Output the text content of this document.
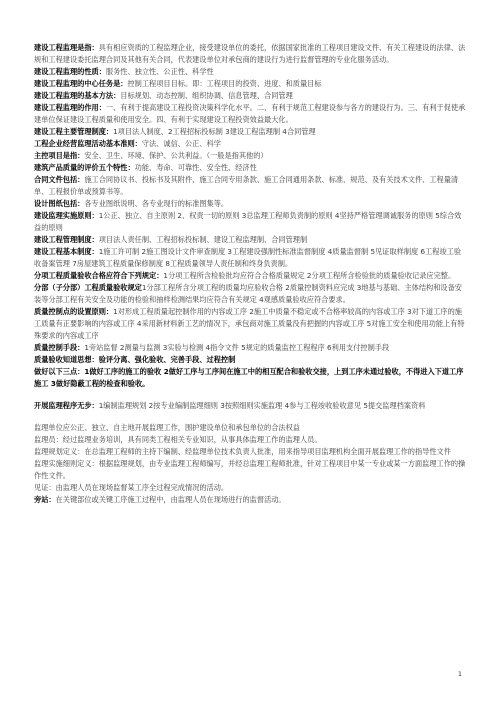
建设工程监理是指：具有相应资质的工程监理企业，接受建设单位的委托，依据国家批准的工程项目建设文件、有关工程建设的法律、法规和工程建设委托监理合同及其他有关合同，代表建设单位对承包商的建设行为进行监督管理的专业化服务活动。

建设工程监理的性质：服务性、独立性、公正性、科学性

建设工程监理的中心任务是：控制工程项目目标。即：工程项目的投资、进度、和质量目标

建设工程监理的基本方法：目标规划、动态控制、组织协调、信息管理、合同管理

建设工程监理的作用：一、有利于提高建设工程投资决策科学化水平。二、有利于规范工程建设参与各方的建设行为。三、有利于促使承建单位保证建设工程质量和使用安全。四、有利于实现建设工程投资效益最大化。

建设工程主要管理制度：1项目法人制度、2工程招标投标制 3建设工程监理制 4合同管理

工程企业经营监理活动基本准则：守法、诚信、公正、科学

主控项目是指：安全、卫生、环境、保护、公共利益。（一般是指其他的）

建筑产品质量的评价五个特性：功能、寿命、可靠性、安全性、经济性

合同文件包括：施工合同协议书、投标书及其附件、施工合同专用条款、施工合同通用条款、标准、规范、及有关技术文件、工程量清单、工程报价单或预算书等。

设计图纸包括：各专业图纸说明、各专业现行的标准图集等。

建设监理实施原则：1公正、独立、自主原则 2、权责一切的原则 3总监理工程师负责制的原则 4坚持严格管理调诚服务的原则 5综合效益的原则

建设工程管理制度：项目法人责任制、工程招标投标制、建设工程监理制、合同管理制

建设工程基本制度：1施工许可制 2施工图设计文件审查制度 3工程建设强制性标准监督制度 4质量监督制 5见证取样制度 6工程竣工验收备案管理 7房屋建筑工程质量保修制度 8工程质量领导人责任制和终身负责制。

分项工程质量验收合格应符合下列规定：1分项工程所含检验批均应符合合格质量规定 2分项工程所含检验批的质量验收记录应完整。

分部（子分部）工程质量验收规定1分部工程所含分项工程的质量均应验收合格 2质量控制资料应完成 3地基与基础、主体结构和设备安装等分部工程有关安全及功能的检验和抽样检测结果均应符合有关规定 4观感质量验收应符合要求。

质量控制点的设置原则：1对形成工程质量起控制作用的内容或工序 2施工中质量不稳定或不合格率较高的内容或工序 3对下道工序的施工质量有正要影响的内容或工序 4采用新材料新工艺的情况下，承包商对施工质量没有把握的内容或工序 5对施工安全和使用功能上有特殊要求的内容或工序

质量控制手段：1旁站监督 2测量与监测 3实验与检测 4指令文件 5规定的质量监控工程程序 6利用支付控制手段

质量验收知道思想：验评分离、强化验收、完善手段、过程控制

做好以下三点：1做好工序的施工的验收 2做好工序与工序间在施工中的相互配合和验收交接，上到工序未通过验收，不得进入下道工序施工 3做好隐蔽工程的检查和验收。

开展监理程序无步：1编制监理规划 2按专业编制监理细则 3按照细则实施监理 4参与工程竣收验收意见 5提交监理档案资料

监理单位应公正、独立、自主地开展监理工作，围护建设单位和承包单位的合法权益

监理员：经过监理业务培训，具有同类工程相关专业知识，从事具体监理工作的监理人员。

监理规划定义：在总监理工程师的主持下编制、经监理单位技术负责人批准，用来指导项目监理机构全面开展监理工作的指导性文件

监理实施细则定义：根据监理规划，由专业监理工程师编写，并经总监理工程师批准，针对工程项目中某一专业或某一方面监理工作的操作性文件。

见证：由监理人员在现场监督某工序全过程完成情况的活动。

旁站：在关键部位或关键工序施工过程中，由监理人员在现场进行的监督活动。

1
